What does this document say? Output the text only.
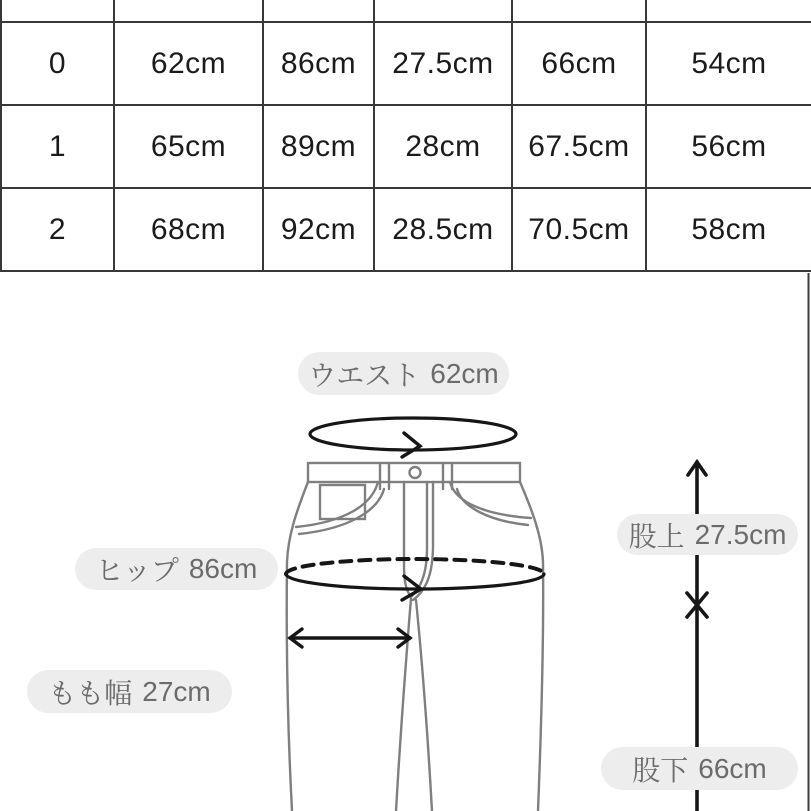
0	62cm	86cm	27.5cm	66cm	54cm
1	65cm	89cm	28cm	67.5cm	56cm
2	68cm	92cm	28.5cm	70.5cm	58cm
ウエスト 62cm
ヒップ 86cm
もも幅 27cm
股上 27.5cm
股下 66cm
